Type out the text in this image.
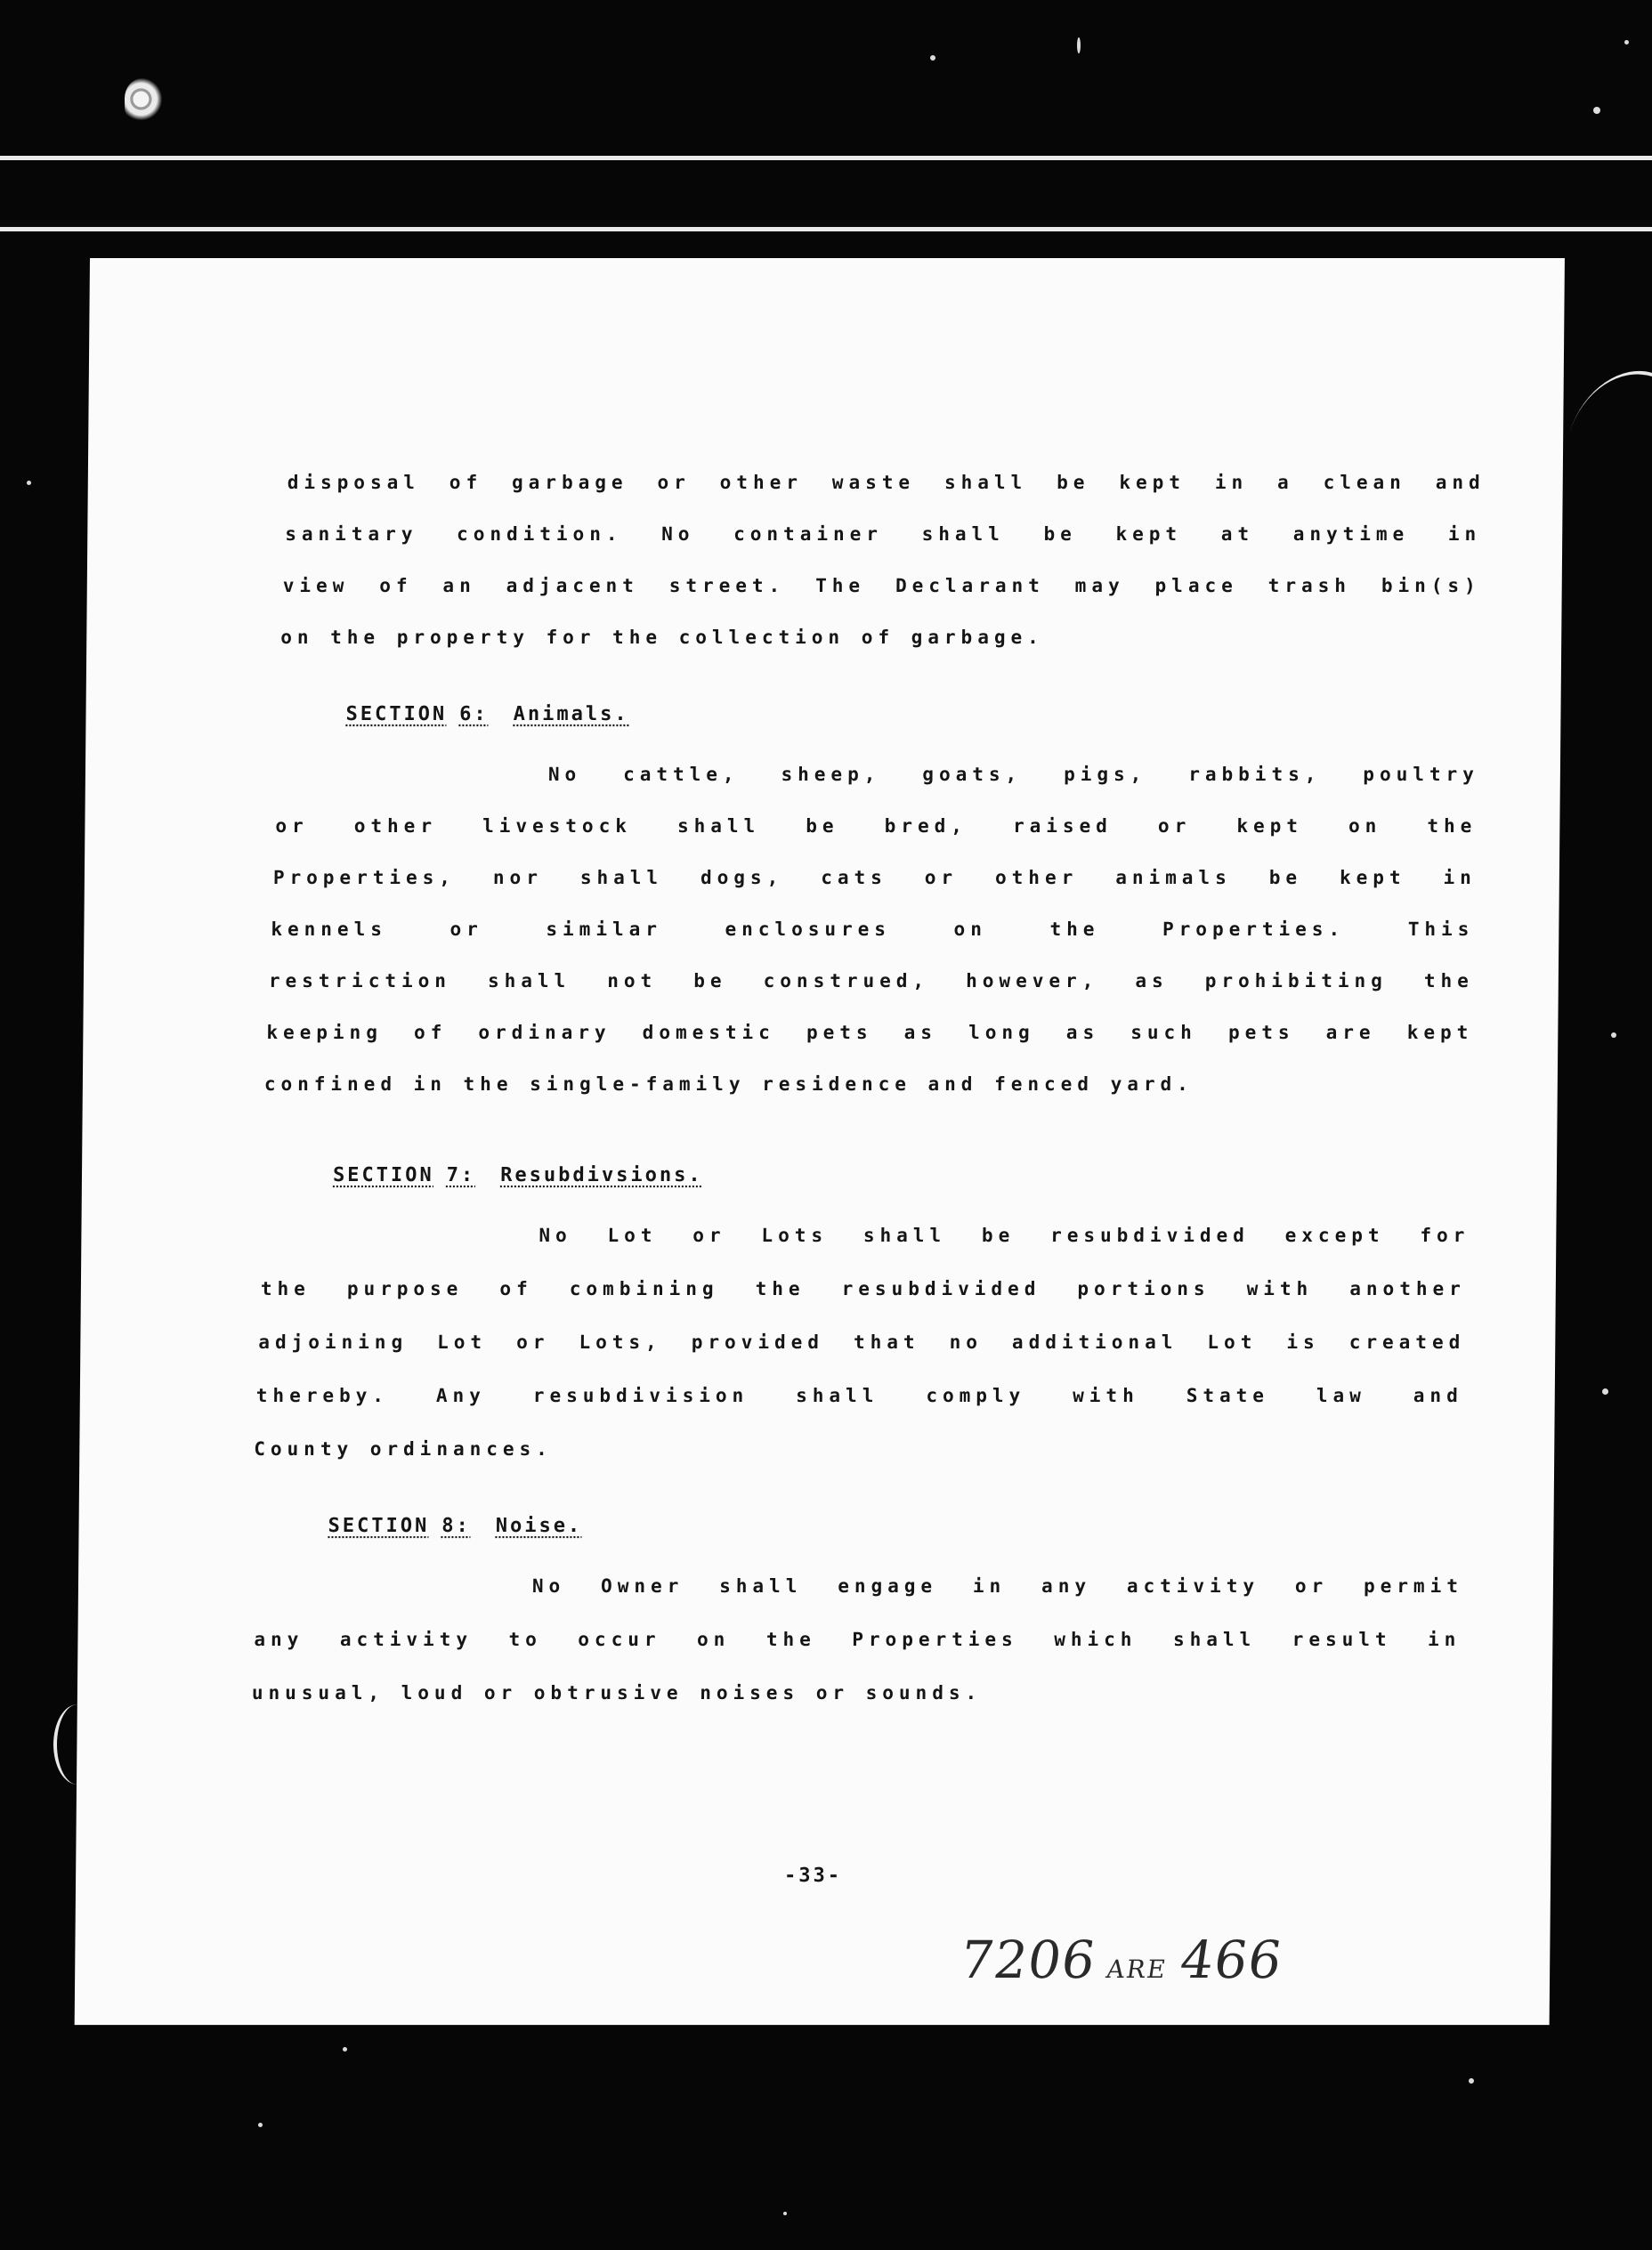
disposal of garbage or other waste shall be kept in a clean and
sanitary condition. No container shall be kept at anytime in
view of an adjacent street. The Declarant may place trash bin(s)
on the property for the collection of garbage.
SECTION 6: Animals.
No cattle, sheep, goats, pigs, rabbits, poultry
or other livestock shall be bred, raised or kept on the
Properties, nor shall dogs, cats or other animals be kept in
kennels or similar enclosures on the Properties. This
restriction shall not be construed, however, as prohibiting the
keeping of ordinary domestic pets as long as such pets are kept
confined in the single-family residence and fenced yard.
SECTION 7: Resubdivsions.
No Lot or Lots shall be resubdivided except for
the purpose of combining the resubdivided portions with another
adjoining Lot or Lots, provided that no additional Lot is created
thereby. Any resubdivision shall comply with State law and
County ordinances.
SECTION 8: Noise.
No Owner shall engage in any activity or permit
any activity to occur on the Properties which shall result in
unusual, loud or obtrusive noises or sounds.
-33-
7206 ARE 466
